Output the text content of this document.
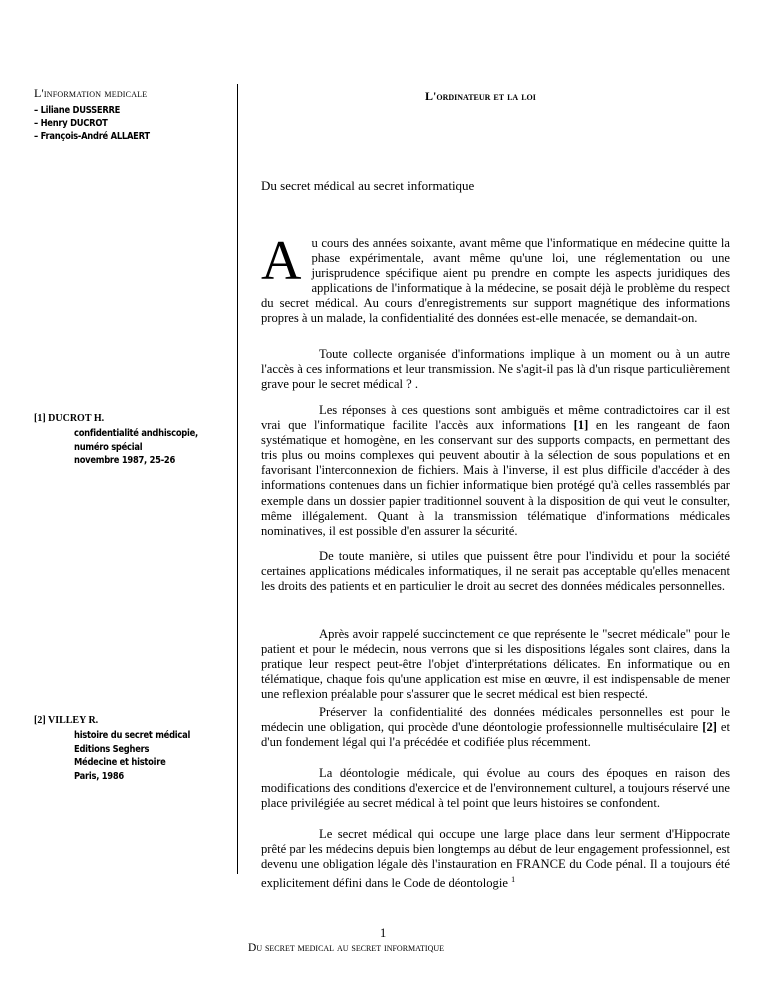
L'information medicale
– Liliane DUSSERRE
– Henry DUCROT
– François-André ALLAERT
L'ordinateur et la loi
Du secret médical au secret informatique

Au cours des années soixante, avant même que l'informatique en médecine quitte la phase expérimentale, avant même qu'une loi, une réglementation ou une jurisprudence spécifique aient pu prendre en compte les aspects juridiques des applications de l'informatique à la médecine, se posait déjà le problème du respect du secret médical. Au cours d'enregistrements sur support magnétique des informations propres à un malade, la confidentialité des données est-elle menacée, se demandait-on.

Toute collecte organisée d'informations implique à un moment ou à un autre l'accès à ces informations et leur transmission. Ne s'agit-il pas là d'un risque particulièrement grave pour le secret médical ? .

Les réponses à ces questions sont ambiguës et même contradictoires car il est vrai que l'informatique facilite l'accès aux informations [1] en les rangeant de faon systématique et homogène, en les conservant sur des supports compacts, en permettant des tris plus ou moins complexes qui peuvent aboutir à la sélection de sous populations et en favorisant l'interconnexion de fichiers. Mais à l'inverse, il est plus difficile d'accéder à des informations contenues dans un fichier informatique bien protégé qu'à celles rassemblés par exemple dans un dossier papier traditionnel souvent à la disposition de qui veut le consulter, même illégalement. Quant à la transmission télématique d'informations médicales nominatives, il est possible d'en assurer la sécurité.

De toute manière, si utiles que puissent être pour l'individu et pour la société certaines applications médicales informatiques, il ne serait pas acceptable qu'elles menacent les droits des patients et en particulier le droit au secret des données médicales personnelles.

Après avoir rappelé succinctement ce que représente le "secret médicale" pour le patient et pour le médecin, nous verrons que si les dispositions légales sont claires, dans la pratique leur respect peut-être l'objet d'interprétations délicates. En informatique ou en télématique, chaque fois qu'une application est mise en œuvre, il est indispensable de mener une reflexion préalable pour s'assurer que le secret médical est bien respecté.

Préserver la confidentialité des données médicales personnelles est pour le médecin une obligation, qui procède d'une déontologie professionnelle multiséculaire [2] et d'un fondement légal qui l'a précédée et codifiée plus récemment.

La déontologie médicale, qui évolue au cours des époques en raison des modifications des conditions d'exercice et de l'environnement culturel, a toujours réservé une place privilégiée au secret médical à tel point que leurs histoires se confondent.

Le secret médical qui occupe une large place dans leur serment d'Hippocrate prêté par les médecins depuis bien longtemps au début de leur engagement professionnel, est devenu une obligation légale dès l'instauration en FRANCE du Code pénal. Il a toujours été explicitement défini dans le Code de déontologie $^1$

[1] DUCROT H.
confidentialité andhiscopie,
numéro spécial
novembre 1987, 25-26
[2] VILLEY R.
histoire du secret médical
Editions Seghers
Médecine et histoire
Paris, 1986
1
Du secret medical au secret informatique
